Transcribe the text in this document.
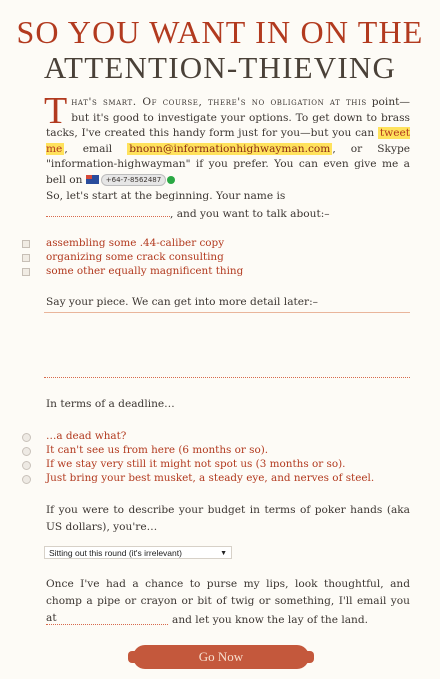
SO YOU WANT IN ON THE
ATTENTION-THIEVING
That's smart. Of course, there's no obligation at this point—but it's good to investigate your options. To get down to brass tacks, I've created this handy form just for you—but you can tweet me , email bnonn@informationhighwayman.com , or Skype "information-highwayman" if you prefer. You can even give me a bell on	+64-7-8562487
So, let's start at the beginning. Your name is , and you want to talk about:–
assembling some .44-caliber copy
organizing some crack consulting
some other equally magnificent thing
Say your piece. We can get into more detail later:–
In terms of a deadline…
…a dead what?
It can't see us from here (6 months or so).
If we stay very still it might not spot us (3 months or so).
Just bring your best musket, a steady eye, and nerves of steel.
If you were to describe your budget in terms of poker hands (aka US dollars), you're…
Sitting out this round (it's irrelevant)	▼
Once I've had a chance to purse my lips, look thoughtful, and chomp a pipe or crayon or bit of twig or something, I'll email you at	and let you know the lay of the land.
Go Now
